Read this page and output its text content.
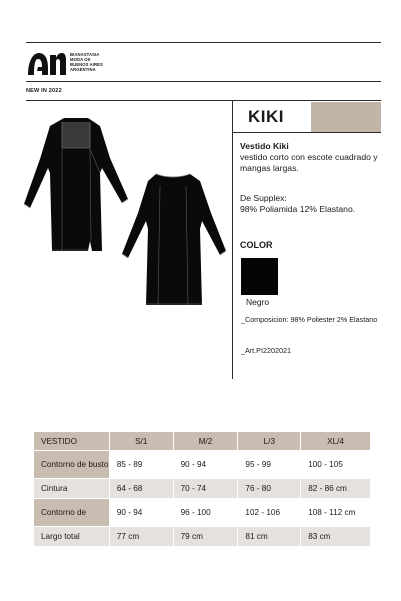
BIANASTASIA
MODA OK
BUENOS AIRES
ARGENTINA
NEW IN 2022
KIKI
Vestido Kiki
vestido corto con escote cuadrado y mangas largas.
De Supplex:
98% Poliamida 12% Elastano.
COLOR
Negro
_Composicion: 98% Poliester 2% Elastano
_Art.PI2202021
VESTIDO	S/1	M/2	L/3	XL/4
Contorno de busto	85 - 89	90 - 94	95 - 99	100 - 105
Cintura	64 - 68	70 - 74	76 - 80	82 - 86 cm
Contorno de	90 - 94	96 - 100	102 - 106	108 - 112 cm
Largo total	77 cm	79 cm	81 cm	83 cm
